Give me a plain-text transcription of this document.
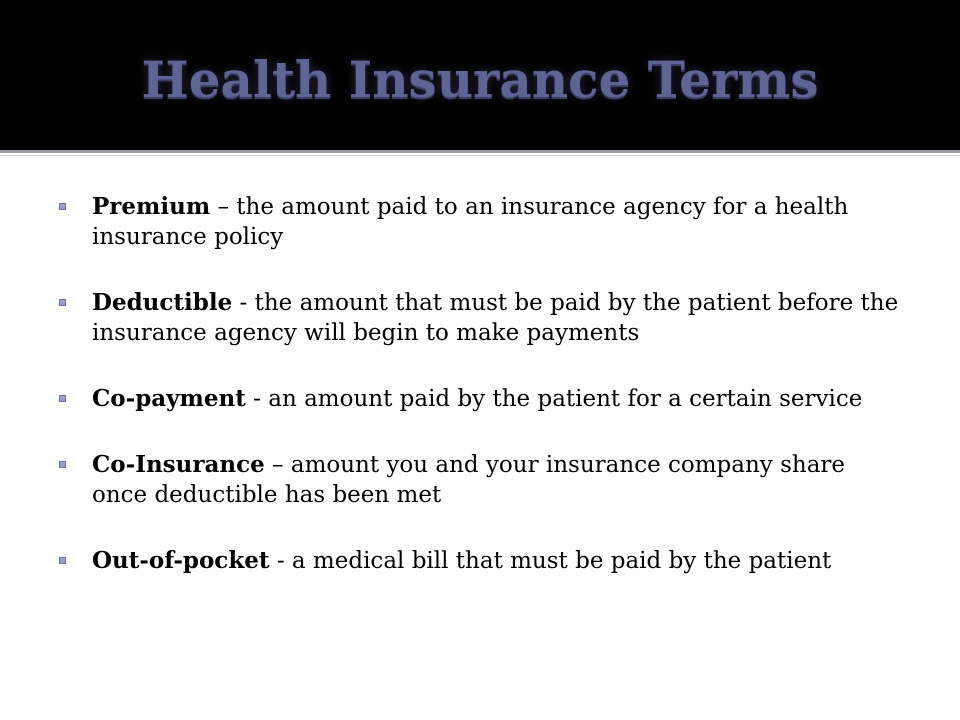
Health Insurance Terms
Premium – the amount paid to an insurance agency for a health insurance policy
Deductible - the amount that must be paid by the patient before the insurance agency will begin to make payments
Co-payment - an amount paid by the patient for a certain service
Co-Insurance – amount you and your insurance company share once deductible has been met
Out-of-pocket - a medical bill that must be paid by the patient
